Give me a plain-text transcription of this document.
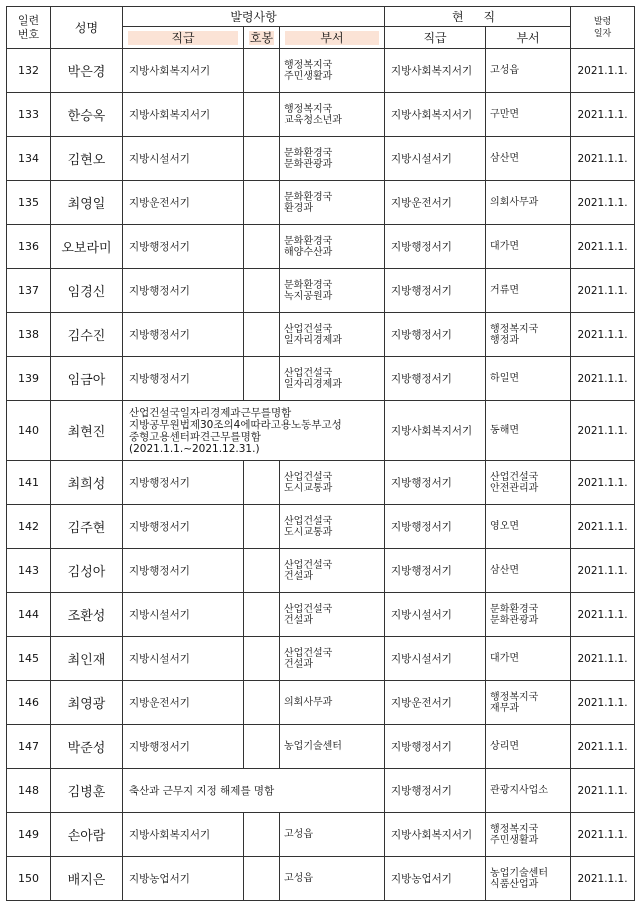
일련
번호	성명	발령사항			현 직		발령
일자
		직급	호봉	부서	직급	부서	
132	박은경	지방사회복지서기		행정복지국
주민생활과	지방사회복지서기	고성읍	2021.1.1.
133	한승옥	지방사회복지서기		행정복지국
교육청소년과	지방사회복지서기	구만면	2021.1.1.
134	김현오	지방시설서기		문화환경국
문화관광과	지방시설서기	삼산면	2021.1.1.
135	최영일	지방운전서기		문화환경국
환경과	지방운전서기	의회사무과	2021.1.1.
136	오보라미	지방행정서기		문화환경국
해양수산과	지방행정서기	대가면	2021.1.1.
137	임경신	지방행정서기		문화환경국
녹지공원과	지방행정서기	거류면	2021.1.1.
138	김수진	지방행정서기		산업건설국
일자리경제과	지방행정서기	행정복지국
행정과	2021.1.1.
139	임금아	지방행정서기		산업건설국
일자리경제과	지방행정서기	하일면	2021.1.1.
140	최현진	산업건설국일자리경제과근무를명함
지방공무원법제30조의4에따라고용노동부고성
중형고용센터파견근무를명함
(2021.1.1.~2021.12.31.)			지방사회복지서기	동해면	2021.1.1.
141	최희성	지방행정서기		산업건설국
도시교통과	지방행정서기	산업건설국
안전관리과	2021.1.1.
142	김주현	지방행정서기		산업건설국
도시교통과	지방행정서기	영오면	2021.1.1.
143	김성아	지방행정서기		산업건설국
건설과	지방행정서기	삼산면	2021.1.1.
144	조환성	지방시설서기		산업건설국
건설과	지방시설서기	문화환경국
문화관광과	2021.1.1.
145	최인재	지방시설서기		산업건설국
건설과	지방시설서기	대가면	2021.1.1.
146	최영광	지방운전서기		의회사무과	지방운전서기	행정복지국
재무과	2021.1.1.
147	박준성	지방행정서기		농업기술센터	지방행정서기	상리면	2021.1.1.
148	김병훈	축산과 근무지 지정 해제를 명함			지방행정서기	관광지사업소	2021.1.1.
149	손아람	지방사회복지서기		고성읍	지방사회복지서기	행정복지국
주민생활과	2021.1.1.
150	배지은	지방농업서기		고성읍	지방농업서기	농업기술센터
식품산업과	2021.1.1.
